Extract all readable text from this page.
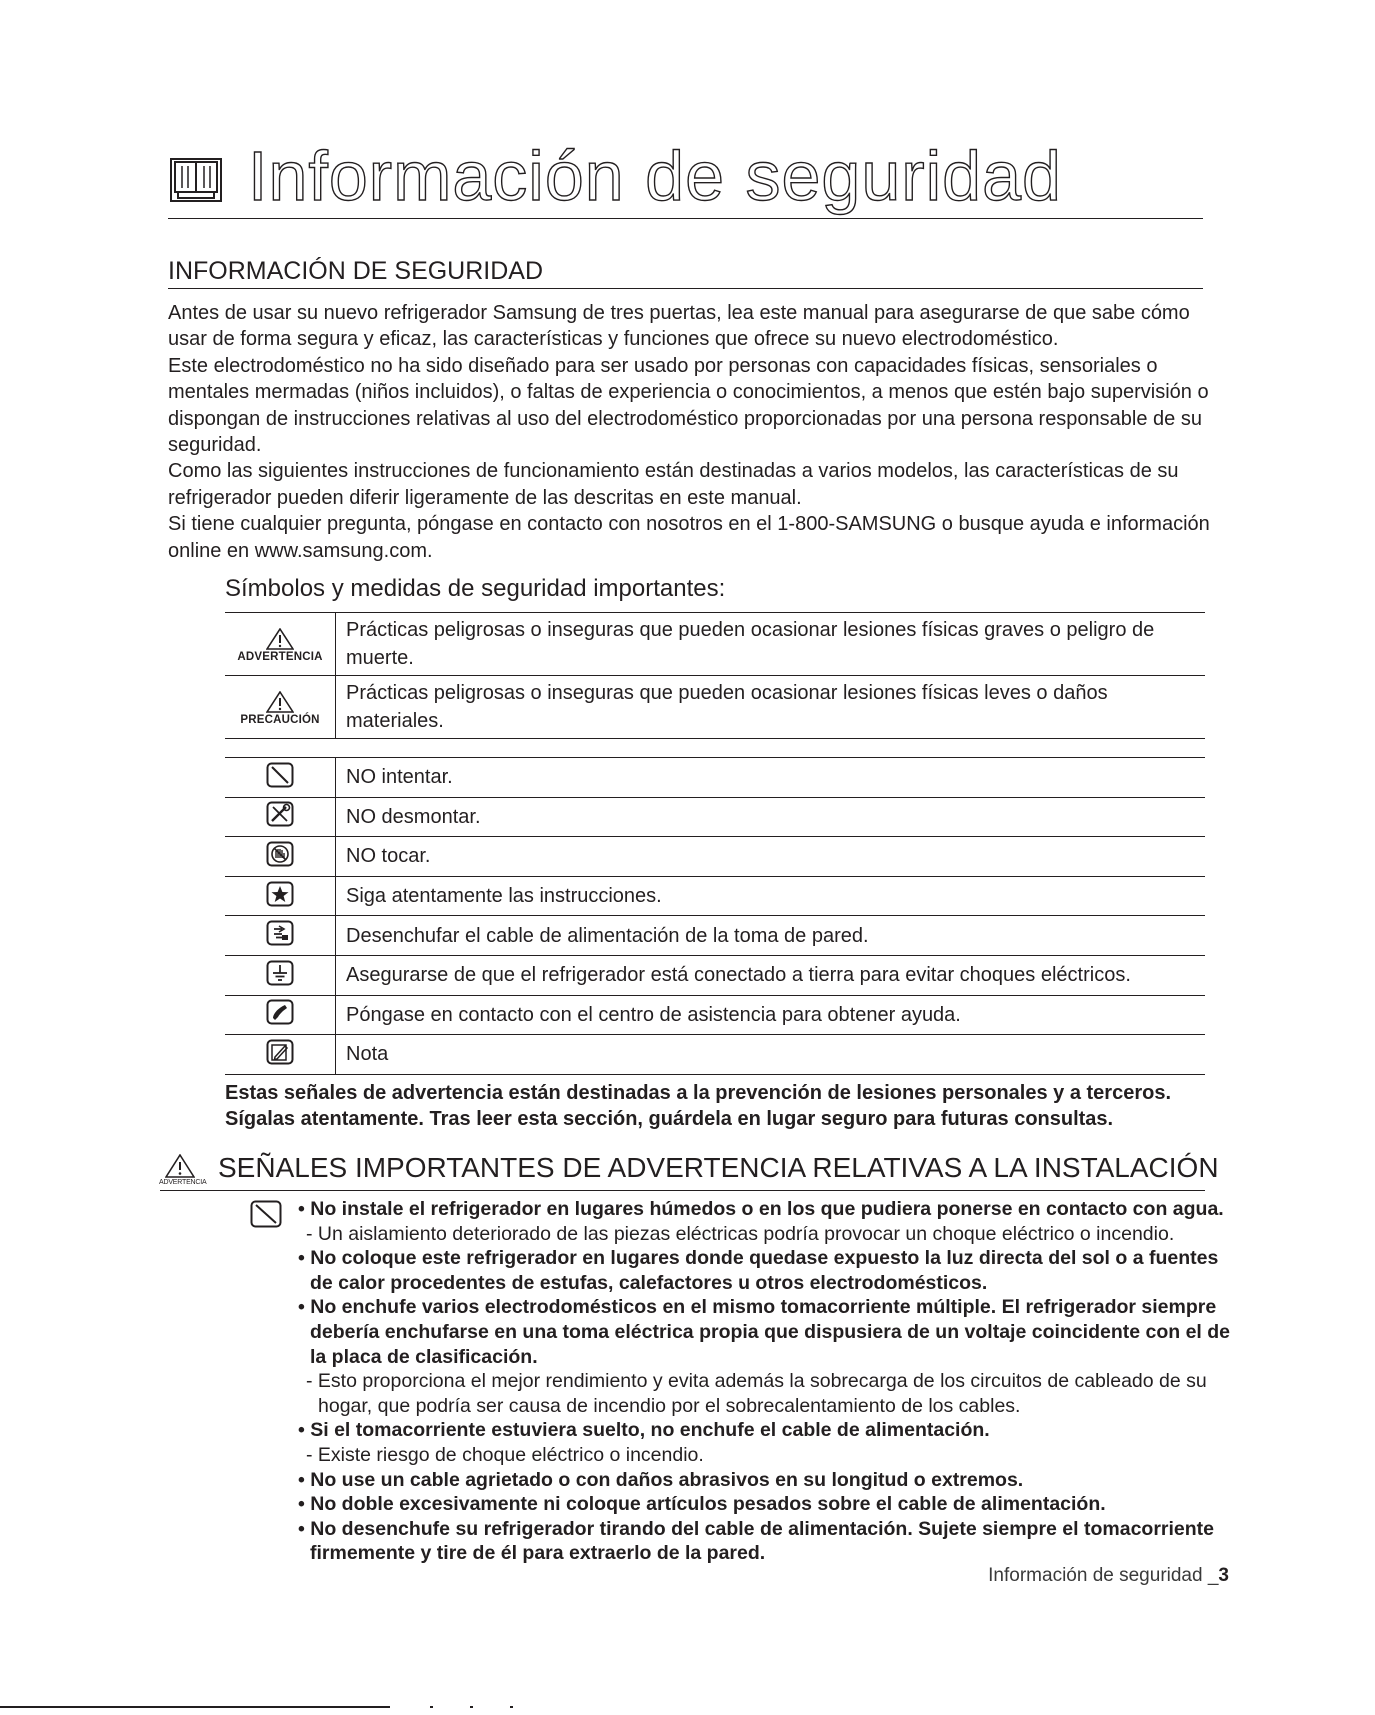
Información de seguridad
INFORMACIÓN DE SEGURIDAD

Antes de usar su nuevo refrigerador Samsung de tres puertas, lea este manual para asegurarse de que sabe cómo usar de forma segura y eficaz, las características y funciones que ofrece su nuevo electrodoméstico.

Este electrodoméstico no ha sido diseñado para ser usado por personas con capacidades físicas, sensoriales o mentales mermadas (niños incluidos), o faltas de experiencia o conocimientos, a menos que estén bajo supervisión o dispongan de instrucciones relativas al uso del electrodoméstico proporcionadas por una persona responsable de su seguridad.

Como las siguientes instrucciones de funcionamiento están destinadas a varios modelos, las características de su refrigerador pueden diferir ligeramente de las descritas en este manual.

Si tiene cualquier pregunta, póngase en contacto con nosotros en el 1-800-SAMSUNG o busque ayuda e información online en www.samsung.com.

Símbolos y medidas de seguridad importantes:
ADVERTENCIA	Prácticas peligrosas o inseguras que pueden ocasionar lesiones físicas graves o peligro de muerte.

PRECAUCIÓN	Prácticas peligrosas o inseguras que pueden ocasionar lesiones físicas leves o daños materiales.
	NO intentar.
	NO desmontar.
	NO tocar.
	Siga atentamente las instrucciones.
	Desenchufar el cable de alimentación de la toma de pared.
	Asegurarse de que el refrigerador está conectado a tierra para evitar choques eléctricos.
	Póngase en contacto con el centro de asistencia para obtener ayuda.
	Nota

Estas señales de advertencia están destinadas a la prevención de lesiones personales y a terceros.

Sígalas atentamente. Tras leer esta sección, guárdela en lugar seguro para futuras consultas.

ADVERTENCIA SEÑALES IMPORTANTES DE ADVERTENCIA RELATIVAS A LA INSTALACIÓN
• No instale el refrigerador en lugares húmedos o en los que pudiera ponerse en contacto con agua.
- Un aislamiento deteriorado de las piezas eléctricas podría provocar un choque eléctrico o incendio.
• No coloque este refrigerador en lugares donde quedase expuesto la luz directa del sol o a fuentes de calor procedentes de estufas, calefactores u otros electrodomésticos.
• No enchufe varios electrodomésticos en el mismo tomacorriente múltiple. El refrigerador siempre debería enchufarse en una toma eléctrica propia que dispusiera de un voltaje coincidente con el de la placa de clasificación.
- Esto proporciona el mejor rendimiento y evita además la sobrecarga de los circuitos de cableado de su hogar, que podría ser causa de incendio por el sobrecalentamiento de los cables.
• Si el tomacorriente estuviera suelto, no enchufe el cable de alimentación.
- Existe riesgo de choque eléctrico o incendio.
• No use un cable agrietado o con daños abrasivos en su longitud o extremos.
• No doble excesivamente ni coloque artículos pesados sobre el cable de alimentación.
• No desenchufe su refrigerador tirando del cable de alimentación. Sujete siempre el tomacorriente firmemente y tire de él para extraerlo de la pared.
Información de seguridad _3
